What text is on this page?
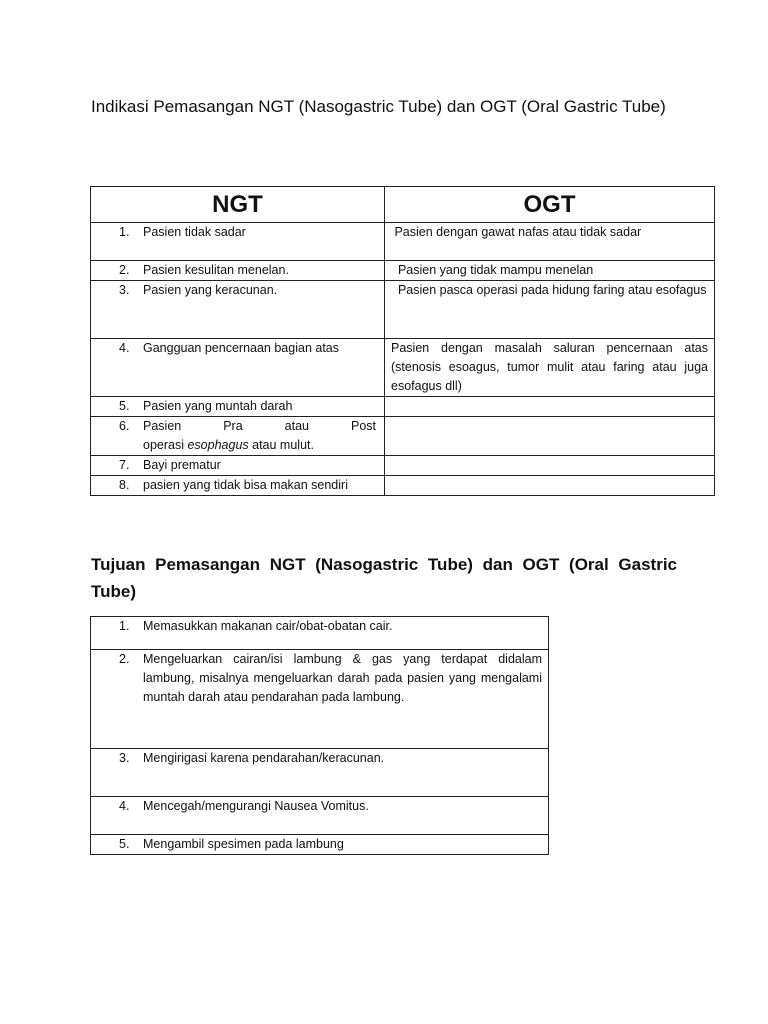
Indikasi Pemasangan NGT (Nasogastric Tube) dan OGT (Oral Gastric Tube)
NGT	OGT

1. Pasien tidak sadar	Pasien dengan gawat nafas atau tidak sadar

2. Pasien kesulitan menelan.	Pasien yang tidak mampu menelan

3. Pasien yang keracunan.	Pasien pasca operasi pada hidung faring atau esofagus

4. Gangguan pencernaan bagian atas	Pasien dengan masalah saluran pencernaan atas (stenosis esoagus, tumor mulit atau faring atau juga esofagus dll)

5. Pasien yang muntah darah	

6. Pasien Pra atau Post
operasi esophagus atau mulut.	

7. Bayi prematur	

8. pasien yang tidak bisa makan sendiri	

Tujuan Pemasangan NGT (Nasogastric Tube) dan OGT (Oral Gastric Tube)
1.	Memasukkan makanan cair/obat-obatan cair.

2.	Mengeluarkan cairan/isi lambung & gas yang terdapat didalam lambung, misalnya mengeluarkan darah pada pasien yang mengalami muntah darah atau pendarahan pada lambung.

3.	Mengirigasi karena pendarahan/keracunan.

4.	Mencegah/mengurangi Nausea Vomitus.

5.	Mengambil spesimen pada lambung
